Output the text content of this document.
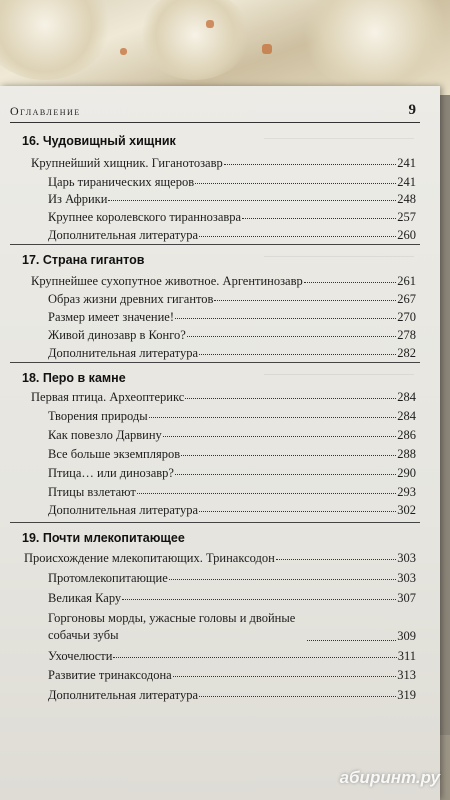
Оглавление	9
16. Чудовищный хищник
Крупнейший хищник. Гиганотозавр	241
Царь тиранических ящеров	241
Из Африки	248
Крупнее королевского тираннозавра	257
Дополнительная литература	260
17. Страна гигантов
Крупнейшее сухопутное животное. Аргентинозавр	261
Образ жизни древних гигантов	267
Размер имеет значение!	270
Живой динозавр в Конго?	278
Дополнительная литература	282
18. Перо в камне
Первая птица. Археоптерикс	284
Творения природы	284
Как повезло Дарвину	286
Все больше экземпляров	288
Птица… или динозавр?	290
Птицы взлетают	293
Дополнительная литература	302
19. Почти млекопитающее
Происхождение млекопитающих. Тринаксодон	303
Протомлекопитающие	303
Великая Кару	307
Горгоновы морды, ужасные головы и двойные собачьи зубы	309
Ухочелюсти	311
Развитие тринаксодона	313
Дополнительная литература	319
абиринт.ру
